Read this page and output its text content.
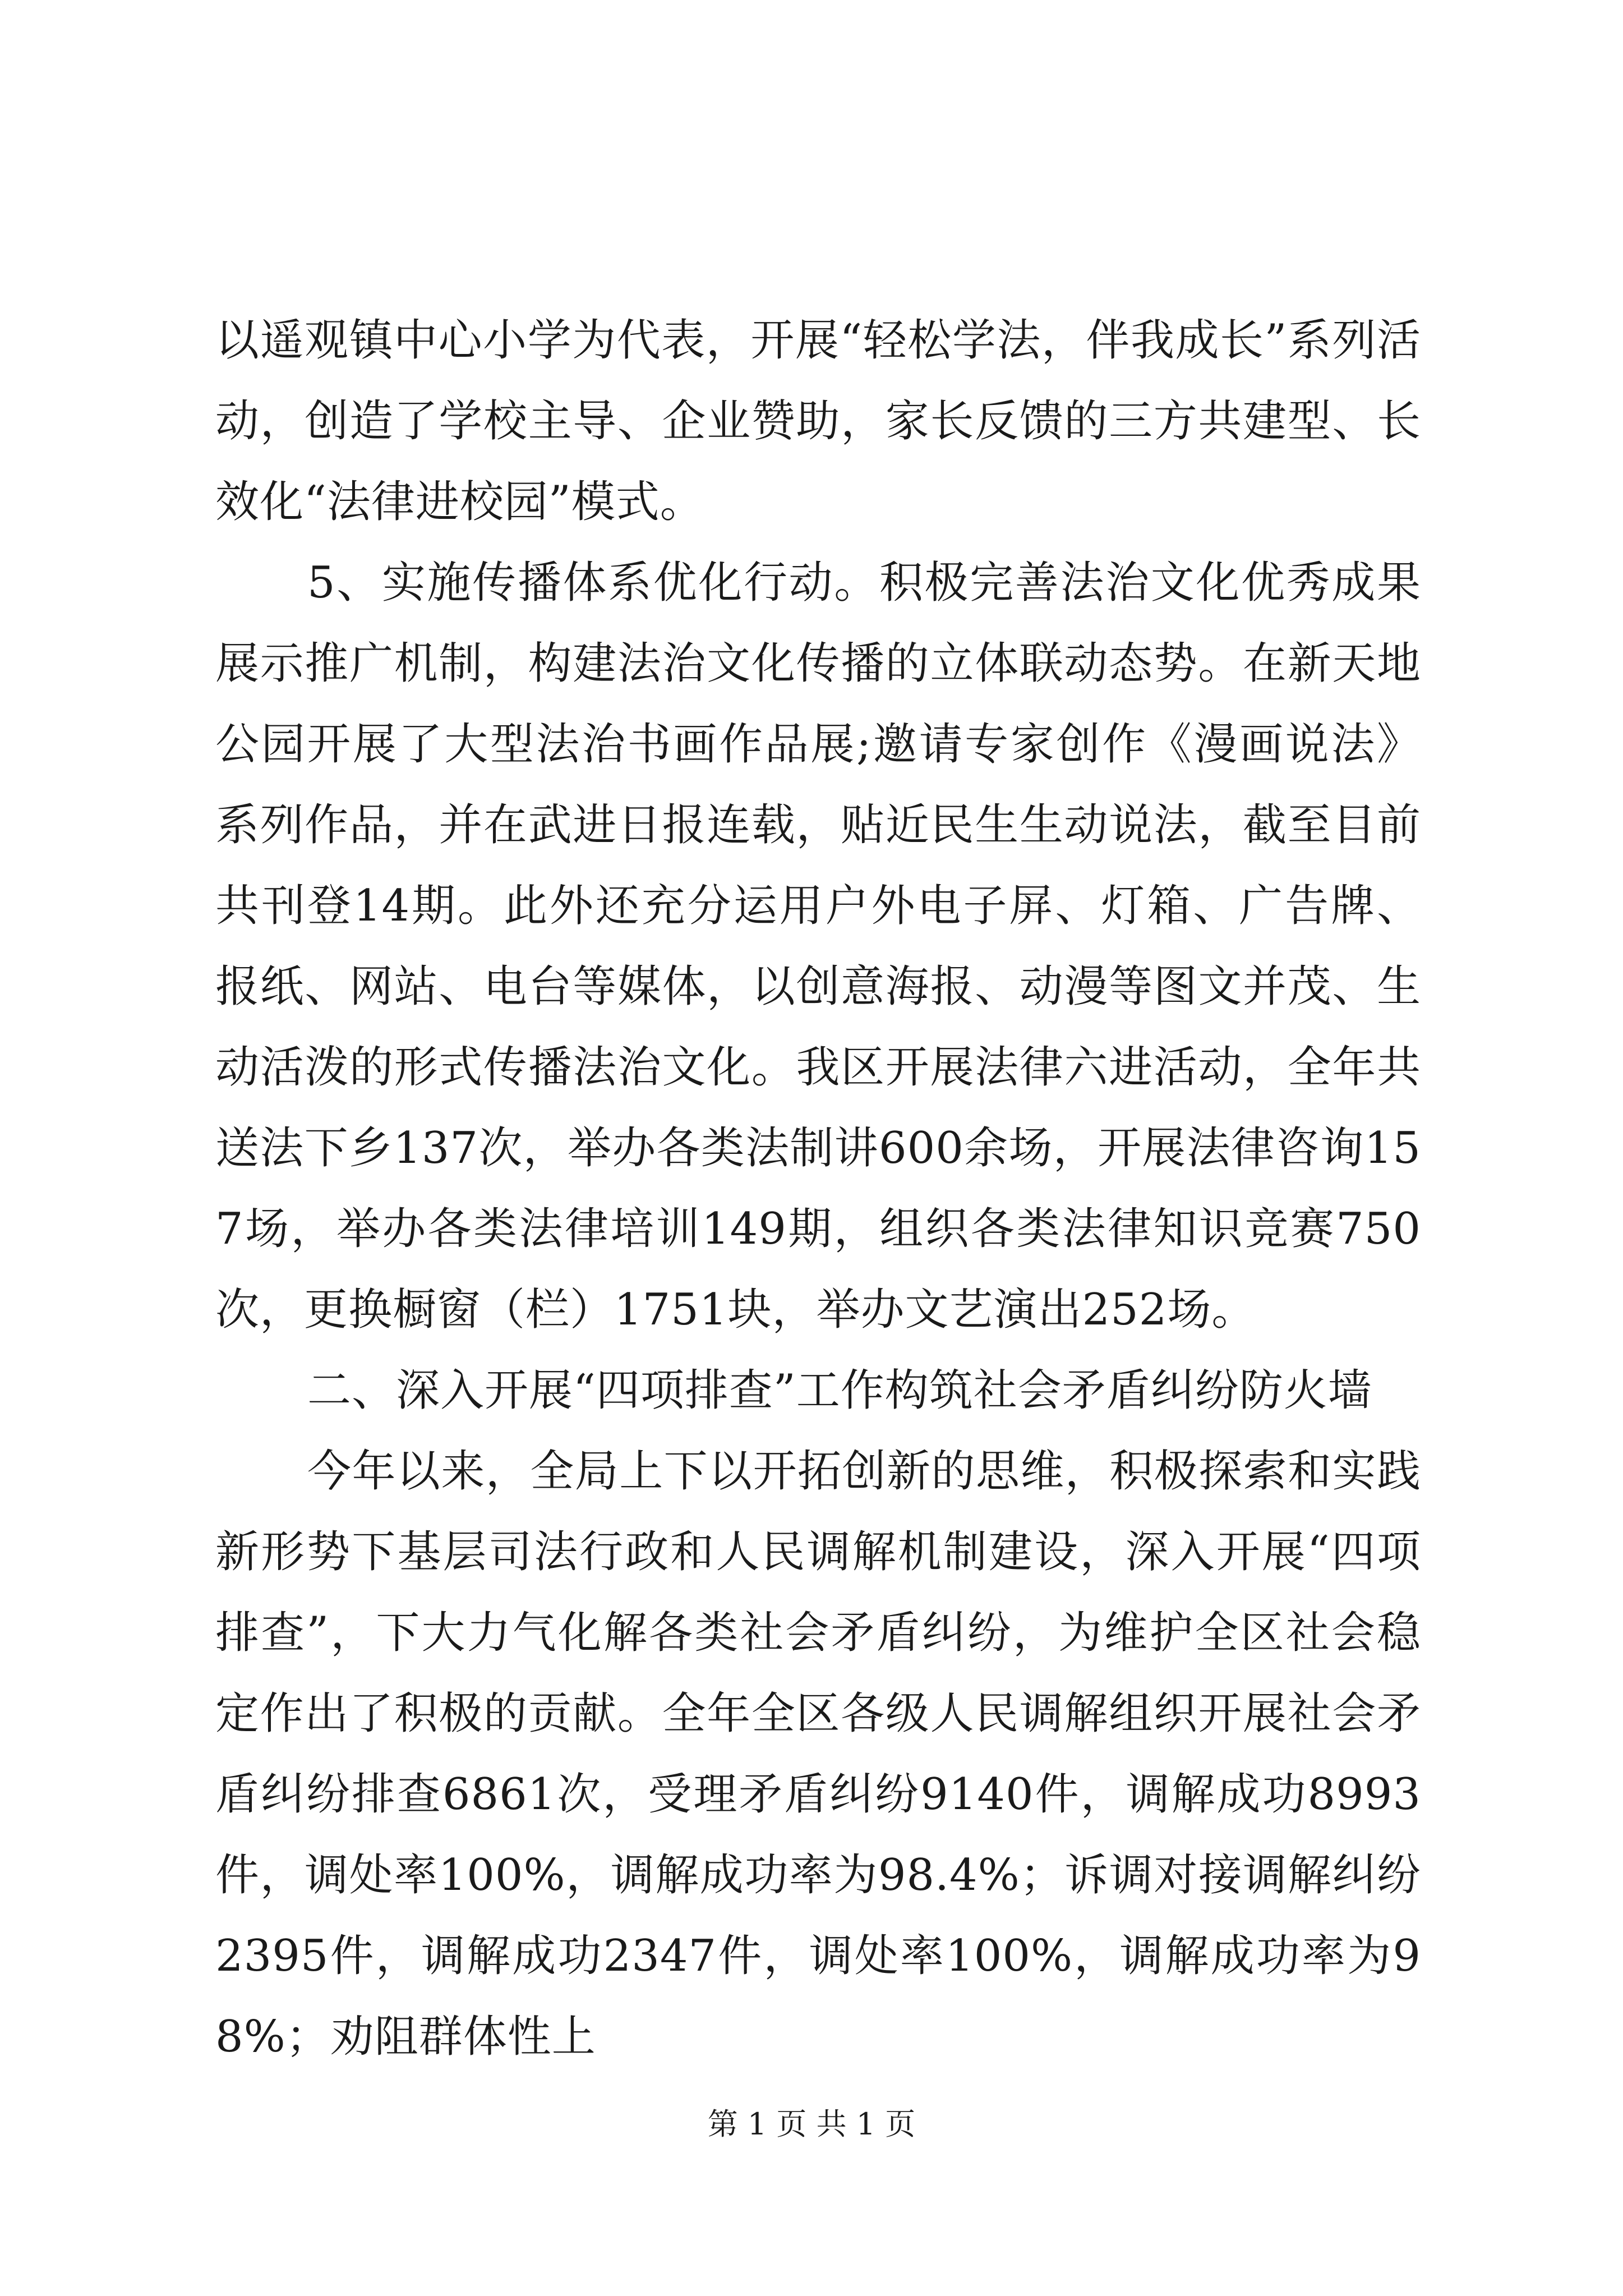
以遥观镇中心小学为代表，开展“轻松学法，伴我成长”系列活动，创造了学校主导、企业赞助，家长反馈的三方共建型、长效化“法律进校园”模式。

5、实施传播体系优化行动。积极完善法治文化优秀成果展示推广机制，构建法治文化传播的立体联动态势。在新天地公园开展了大型法治书画作品展;邀请专家创作《漫画说法》系列作品，并在武进日报连载，贴近民生生动说法，截至目前共刊登14期。此外还充分运用户外电子屏、灯箱、广告牌、报纸、网站、电台等媒体，以创意海报、动漫等图文并茂、生动活泼的形式传播法治文化。我区开展法律六进活动，全年共送法下乡137次，举办各类法制讲600余场，开展法律咨询157场，举办各类法律培训149期，组织各类法律知识竞赛750次，更换橱窗（栏）1751块，举办文艺演出252场。

二、深入开展“四项排查”工作构筑社会矛盾纠纷防火墙

今年以来，全局上下以开拓创新的思维，积极探索和实践新形势下基层司法行政和人民调解机制建设，深入开展“四项排查”，下大力气化解各类社会矛盾纠纷，为维护全区社会稳定作出了积极的贡献。全年全区各级人民调解组织开展社会矛盾纠纷排查6861次，受理矛盾纠纷9140件，调解成功8993件，调处率100%，调解成功率为98.4%；诉调对接调解纠纷2395件，调解成功2347件，调处率100%，调解成功率为98%；劝阻群体性上

第 1 页 共 1 页
